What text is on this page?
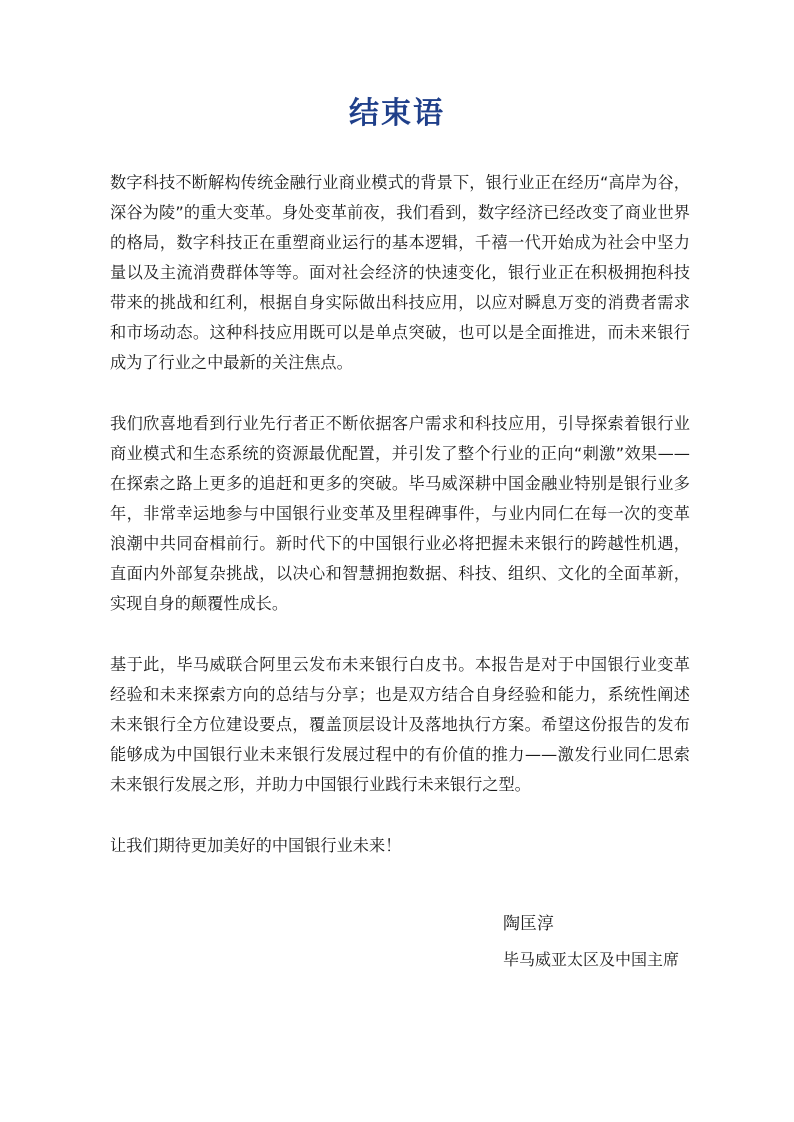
结束语

数字科技不断解构传统金融行业商业模式的背景下，银行业正在经历“高岸为谷，深谷为陵”的重大变革。身处变革前夜，我们看到，数字经济已经改变了商业世界的格局，数字科技正在重塑商业运行的基本逻辑，千禧一代开始成为社会中坚力量以及主流消费群体等等。面对社会经济的快速变化，银行业正在积极拥抱科技带来的挑战和红利，根据自身实际做出科技应用，以应对瞬息万变的消费者需求和市场动态。这种科技应用既可以是单点突破，也可以是全面推进，而未来银行成为了行业之中最新的关注焦点。

我们欣喜地看到行业先行者正不断依据客户需求和科技应用，引导探索着银行业商业模式和生态系统的资源最优配置，并引发了整个行业的正向“刺激”效果——在探索之路上更多的追赶和更多的突破。毕马威深耕中国金融业特别是银行业多年，非常幸运地参与中国银行业变革及里程碑事件，与业内同仁在每一次的变革浪潮中共同奋楫前行。新时代下的中国银行业必将把握未来银行的跨越性机遇，直面内外部复杂挑战，以决心和智慧拥抱数据、科技、组织、文化的全面革新，实现自身的颠覆性成长。

基于此，毕马威联合阿里云发布未来银行白皮书。本报告是对于中国银行业变革经验和未来探索方向的总结与分享；也是双方结合自身经验和能力，系统性阐述未来银行全方位建设要点，覆盖顶层设计及落地执行方案。希望这份报告的发布能够成为中国银行业未来银行发展过程中的有价值的推力——激发行业同仁思索未来银行发展之形，并助力中国银行业践行未来银行之型。

让我们期待更加美好的中国银行业未来！

陶匡淳
毕马威亚太区及中国主席
